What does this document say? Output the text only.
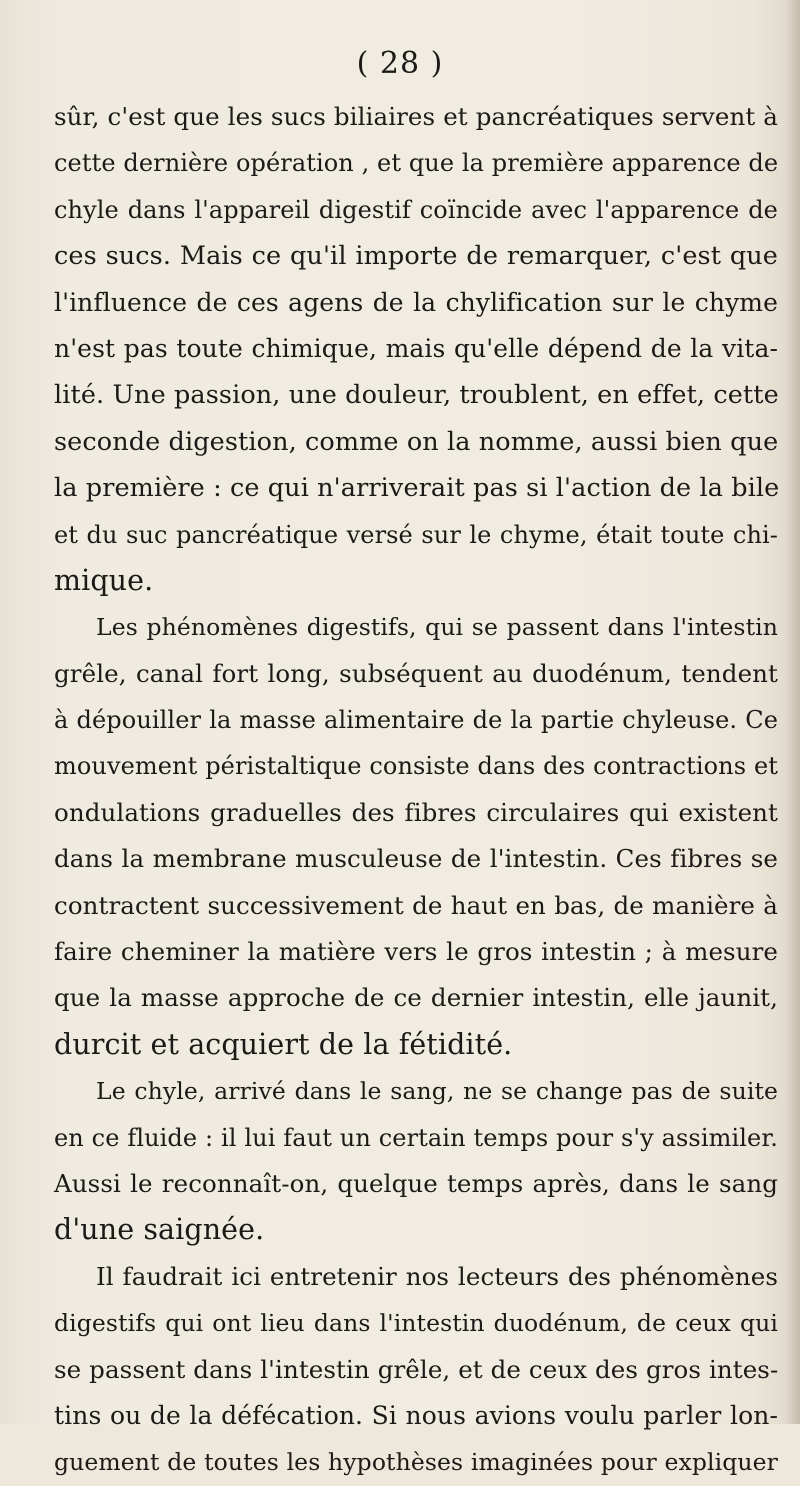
( 28 )
sûr, c'est que les sucs biliaires et pancréatiques servent à
cette dernière opération , et que la première apparence de
chyle dans l'appareil digestif coïncide avec l'apparence de
ces sucs. Mais ce qu'il importe de remarquer, c'est que
l'influence de ces agens de la chylification sur le chyme
n'est pas toute chimique, mais qu'elle dépend de la vita-
lité. Une passion, une douleur, troublent, en effet, cette
seconde digestion, comme on la nomme, aussi bien que
la première : ce qui n'arriverait pas si l'action de la bile
et du suc pancréatique versé sur le chyme, était toute chi-
mique.
Les phénomènes digestifs, qui se passent dans l'intestin
grêle, canal fort long, subséquent au duodénum, tendent
à dépouiller la masse alimentaire de la partie chyleuse. Ce
mouvement péristaltique consiste dans des contractions et
ondulations graduelles des fibres circulaires qui existent
dans la membrane musculeuse de l'intestin. Ces fibres se
contractent successivement de haut en bas, de manière à
faire cheminer la matière vers le gros intestin ; à mesure
que la masse approche de ce dernier intestin, elle jaunit,
durcit et acquiert de la fétidité.
Le chyle, arrivé dans le sang, ne se change pas de suite
en ce fluide : il lui faut un certain temps pour s'y assimiler.
Aussi le reconnaît-on, quelque temps après, dans le sang
d'une saignée.
Il faudrait ici entretenir nos lecteurs des phénomènes
digestifs qui ont lieu dans l'intestin duodénum, de ceux qui
se passent dans l'intestin grêle, et de ceux des gros intes-
tins ou de la défécation. Si nous avions voulu parler lon-
guement de toutes les hypothèses imaginées pour expliquer
